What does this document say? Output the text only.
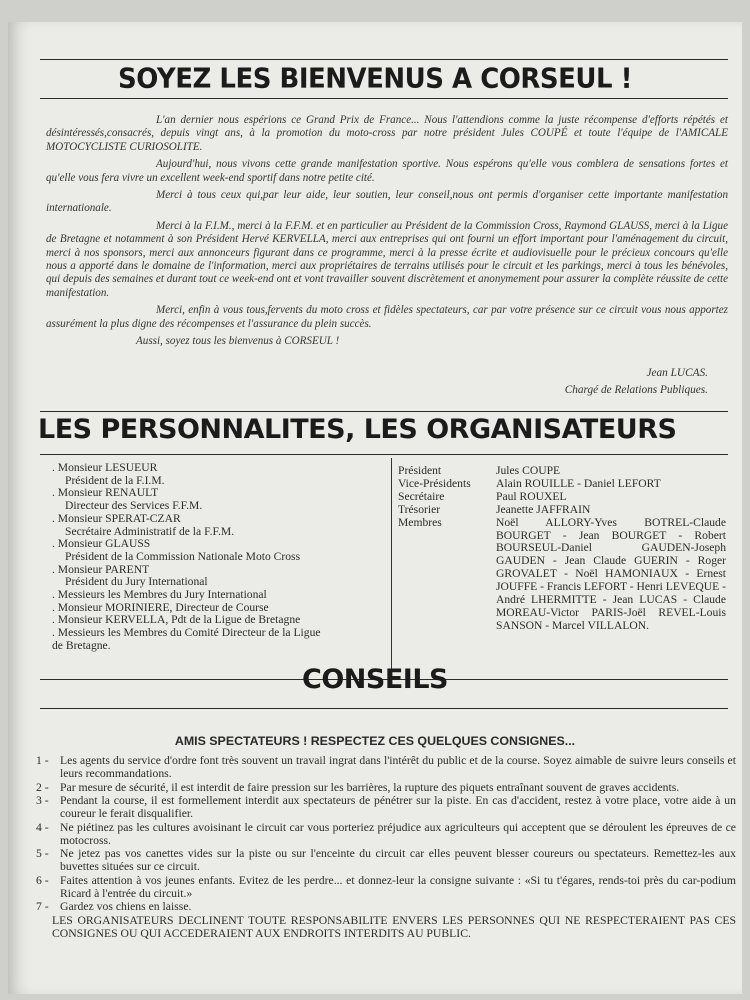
SOYEZ LES BIENVENUS A CORSEUL !

L'an dernier nous espérions ce Grand Prix de France... Nous l'attendions comme la juste récompense d'efforts répétés et désintéressés,consacrés, depuis vingt ans, à la promotion du moto-cross par notre président Jules COUPÉ et toute l'équipe de l'AMICALE MOTOCYCLISTE CURIOSOLITE.

Aujourd'hui, nous vivons cette grande manifestation sportive. Nous espérons qu'elle vous comblera de sensations fortes et qu'elle vous fera vivre un excellent week-end sportif dans notre petite cité.

Merci à tous ceux qui,par leur aide, leur soutien, leur conseil,nous ont permis d'organiser cette importante manifestation internationale.

Merci à la F.I.M., merci à la F.F.M. et en particulier au Président de la Commission Cross, Raymond GLAUSS, merci à la Ligue de Bretagne et notamment à son Président Hervé KERVELLA, merci aux entreprises qui ont fourni un effort important pour l'aménagement du circuit, merci à nos sponsors, merci aux annonceurs figurant dans ce programme, merci à la presse écrite et audiovisuelle pour le précieux concours qu'elle nous a apporté dans le domaine de l'information, merci aux propriétaires de terrains utilisés pour le circuit et les parkings, merci à tous les bénévoles, qui depuis des semaines et durant tout ce week-end ont et vont travailler souvent discrètement et anonymement pour assurer la complète réussite de cette manifestation.

Merci, enfin à vous tous,fervents du moto cross et fidèles spectateurs, car par votre présence sur ce circuit vous nous apportez assurément la plus digne des récompenses et l'assurance du plein succès.

Aussi, soyez tous les bienvenus à CORSEUL !

Jean LUCAS.
Chargé de Relations Publiques.
LES PERSONNALITES, LES ORGANISATEURS
. Monsieur LESUEUR
Président de la F.I.M.
. Monsieur RENAULT
Directeur des Services F.F.M.
. Monsieur SPERAT-CZAR
Secrétaire Administratif de la F.F.M.
. Monsieur GLAUSS
Président de la Commission Nationale Moto Cross
. Monsieur PARENT
Président du Jury International
. Messieurs les Membres du Jury International
. Monsieur MORINIERE, Directeur de Course
. Monsieur KERVELLA, Pdt de la Ligue de Bretagne
. Messieurs les Membres du Comité Directeur de la Ligue
de Bretagne.
Président	Jules COUPE
Vice-Présidents	Alain ROUILLE - Daniel LEFORT
Secrétaire	Paul ROUXEL
Trésorier	Jeanette JAFFRAIN
Membres	Noël ALLORY-Yves BOTREL-Claude BOURGET - Jean BOURGET - Robert BOURSEUL-Daniel GAUDEN-Joseph GAUDEN - Jean Claude GUERIN - Roger GROVALET - Noël HAMONIAUX - Ernest JOUFFE - Francis LEFORT - Henri LEVEQUE - André LHERMITTE - Jean LUCAS - Claude MOREAU-Victor PARIS-Joël REVEL-Louis SANSON - Marcel VILLALON.
CONSEILS
AMIS SPECTATEURS ! RESPECTEZ CES QUELQUES CONSIGNES...
1 - Les agents du service d'ordre font très souvent un travail ingrat dans l'intérêt du public et de la course. Soyez aimable de suivre leurs conseils et leurs recommandations.
2 - Par mesure de sécurité, il est interdit de faire pression sur les barrières, la rupture des piquets entraînant souvent de graves accidents.
3 - Pendant la course, il est formellement interdit aux spectateurs de pénétrer sur la piste. En cas d'accident, restez à votre place, votre aide à un coureur le ferait disqualifier.
4 - Ne piétinez pas les cultures avoisinant le circuit car vous porteriez préjudice aux agriculteurs qui acceptent que se déroulent les épreuves de ce motocross.
5 - Ne jetez pas vos canettes vides sur la piste ou sur l'enceinte du circuit car elles peuvent blesser coureurs ou spectateurs. Remettez-les aux buvettes situées sur ce circuit.
6 - Faites attention à vos jeunes enfants. Evitez de les perdre... et donnez-leur la consigne suivante : «Si tu t'égares, rends-toi près du car-podium Ricard à l'entrée du circuit.»
7 - Gardez vos chiens en laisse.
LES ORGANISATEURS DECLINENT TOUTE RESPONSABILITE ENVERS LES PERSONNES QUI NE RESPECTERAIENT PAS CES CONSIGNES OU QUI ACCEDERAIENT AUX ENDROITS INTERDITS AU PUBLIC.
